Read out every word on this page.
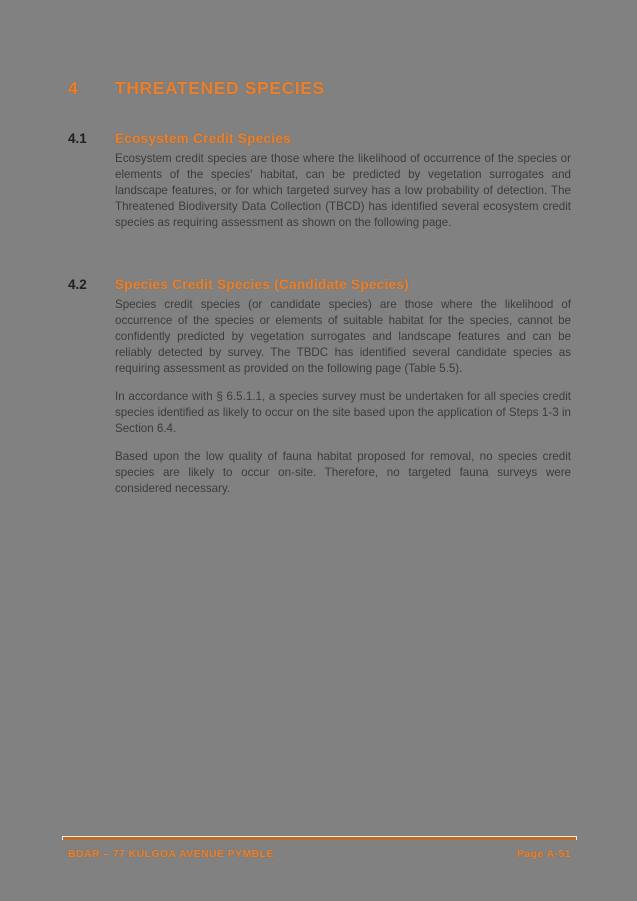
4	THREATENED SPECIES
4.1	Ecosystem Credit Species

Ecosystem credit species are those where the likelihood of occurrence of the species or elements of the species' habitat, can be predicted by vegetation surrogates and landscape features, or for which targeted survey has a low probability of detection. The Threatened Biodiversity Data Collection (TBCD) has identified several ecosystem credit species as requiring assessment as shown on the following page.

4.2	Species Credit Species (Candidate Species)

Species credit species (or candidate species) are those where the likelihood of occurrence of the species or elements of suitable habitat for the species, cannot be confidently predicted by vegetation surrogates and landscape features and can be reliably detected by survey. The TBDC has identified several candidate species as requiring assessment as provided on the following page (Table 5.5).

In accordance with § 6.5.1.1, a species survey must be undertaken for all species credit species identified as likely to occur on the site based upon the application of Steps 1-3 in Section 6.4.

Based upon the low quality of fauna habitat proposed for removal, no species credit species are likely to occur on-site. Therefore, no targeted fauna surveys were considered necessary.

BDAR – 77 KULGOA AVENUE PYMBLE	Page A-51
